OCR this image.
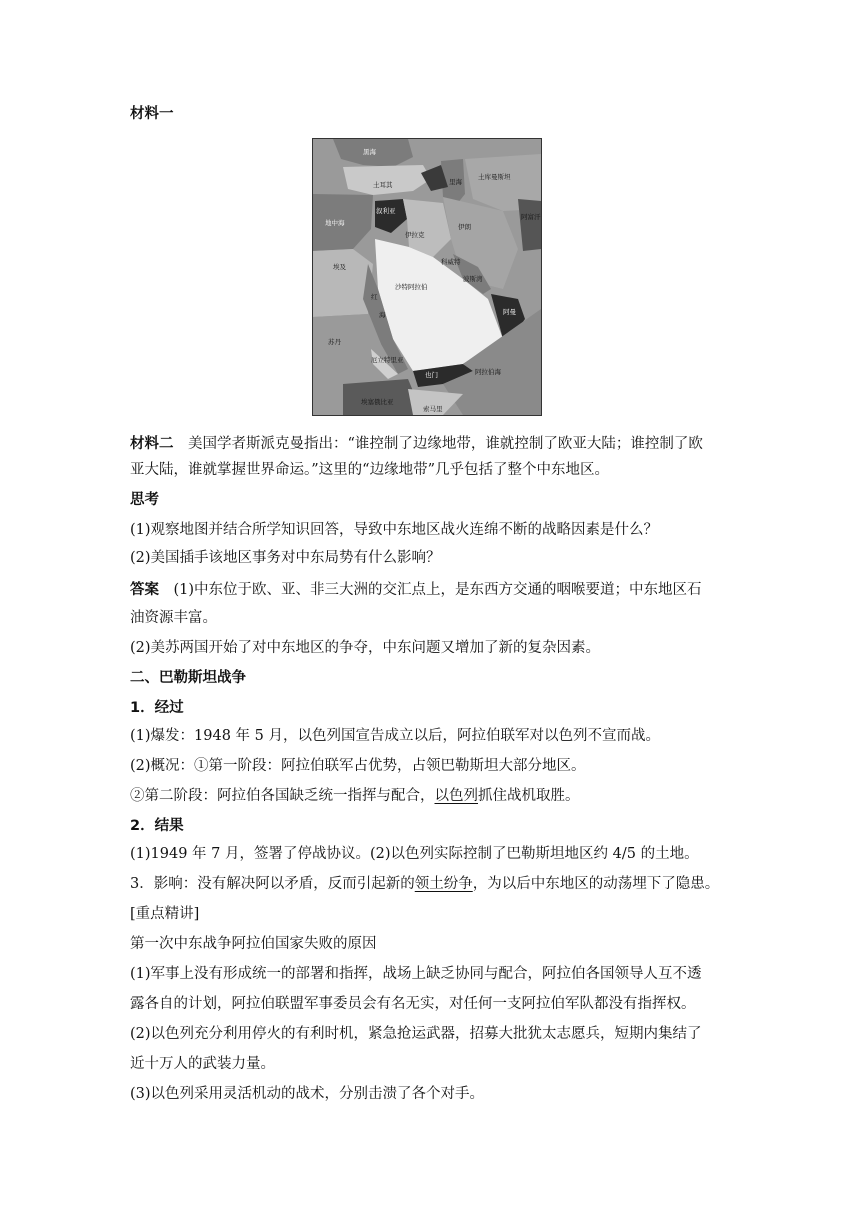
材料一
黑海
土耳其	里海
土库曼斯坦
叙利亚
地中海
伊拉克
伊朗
阿富汗
埃及
科威特
波斯湾
沙特阿拉伯
红
海	阿曼
苏丹
厄立特里亚
也门	阿拉伯海
埃塞俄比亚
索马里
材料二　 美国学者斯派克曼指出：“谁控制了边缘地带，谁就控制了欧亚大陆；谁控制了欧
亚大陆，谁就掌握世界命运。”这里的“边缘地带”几乎包括了整个中东地区。
思考
(1)观察地图并结合所学知识回答，导致中东地区战火连绵不断的战略因素是什么？
(2)美国插手该地区事务对中东局势有什么影响？
答案　 (1)中东位于欧、亚、非三大洲的交汇点上，是东西方交通的咽喉要道；中东地区石
油资源丰富。
(2)美苏两国开始了对中东地区的争夺，中东问题又增加了新的复杂因素。
二、巴勒斯坦战争
1．经过
(1)爆发：1948 年 5 月，以色列国宣告成立以后，阿拉伯联军对以色列不宣而战。
(2)概况：①第一阶段：阿拉伯联军占优势，占领巴勒斯坦大部分地区。
②第二阶段：阿拉伯各国缺乏统一指挥与配合，以色列抓住战机取胜。
2．结果
(1)1949 年 7 月，签署了停战协议。(2)以色列实际控制了巴勒斯坦地区约 4/5 的土地。
3．影响：没有解决阿以矛盾，反而引起新的领土纷争，为以后中东地区的动荡埋下了隐患。
[重点精讲]
第一次中东战争阿拉伯国家失败的原因
(1)军事上没有形成统一的部署和指挥，战场上缺乏协同与配合，阿拉伯各国领导人互不透
露各自的计划，阿拉伯联盟军事委员会有名无实，对任何一支阿拉伯军队都没有指挥权。
(2)以色列充分利用停火的有利时机，紧急抢运武器，招募大批犹太志愿兵，短期内集结了
近十万人的武装力量。
(3)以色列采用灵活机动的战术，分别击溃了各个对手。
